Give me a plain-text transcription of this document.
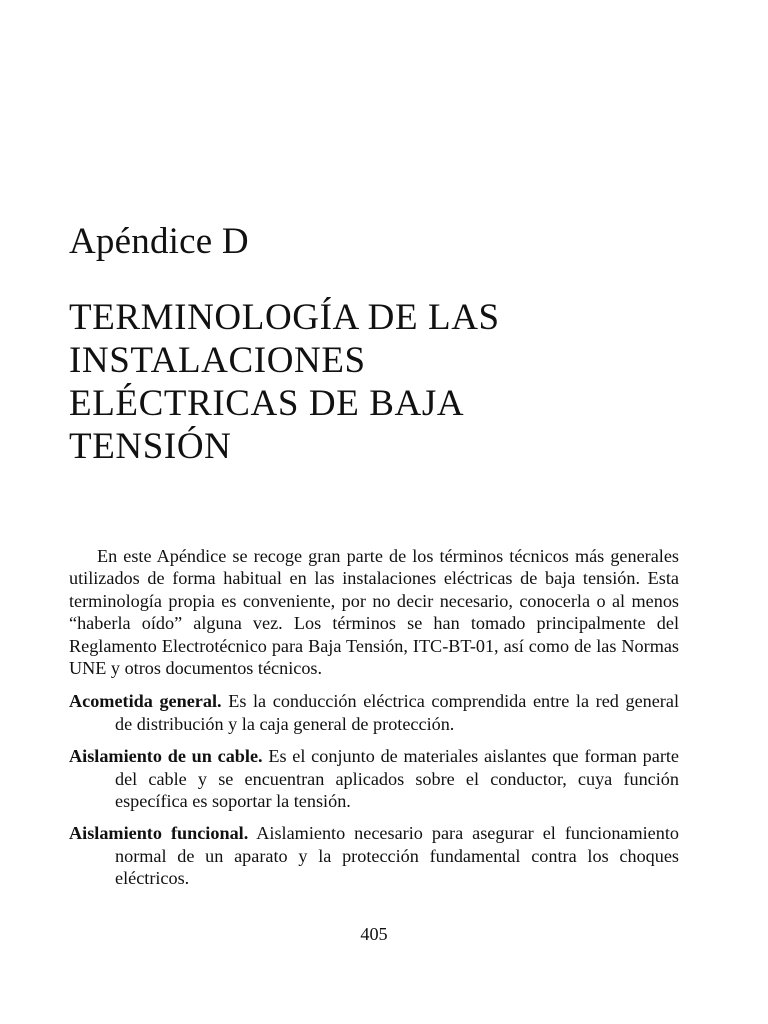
Apéndice D
TERMINOLOGÍA DE LAS
INSTALACIONES
ELÉCTRICAS DE BAJA
TENSIÓN

En este Apéndice se recoge gran parte de los términos técnicos más generales utilizados de forma habitual en las instalaciones eléctricas de baja tensión. Esta terminología propia es conveniente, por no decir necesario, conocerla o al menos “haberla oído” alguna vez. Los términos se han tomado principalmente del Reglamento Electrotécnico para Baja Tensión, ITC-BT-01, así como de las Normas UNE y otros documentos técnicos.

Acometida general. Es la conducción eléctrica comprendida entre la red general de distribución y la caja general de protección.

Aislamiento de un cable. Es el conjunto de materiales aislantes que forman parte del cable y se encuentran aplicados sobre el conductor, cuya función específica es soportar la tensión.

Aislamiento funcional. Aislamiento necesario para asegurar el funcionamiento normal de un aparato y la protección fundamental contra los choques eléctricos.

405
